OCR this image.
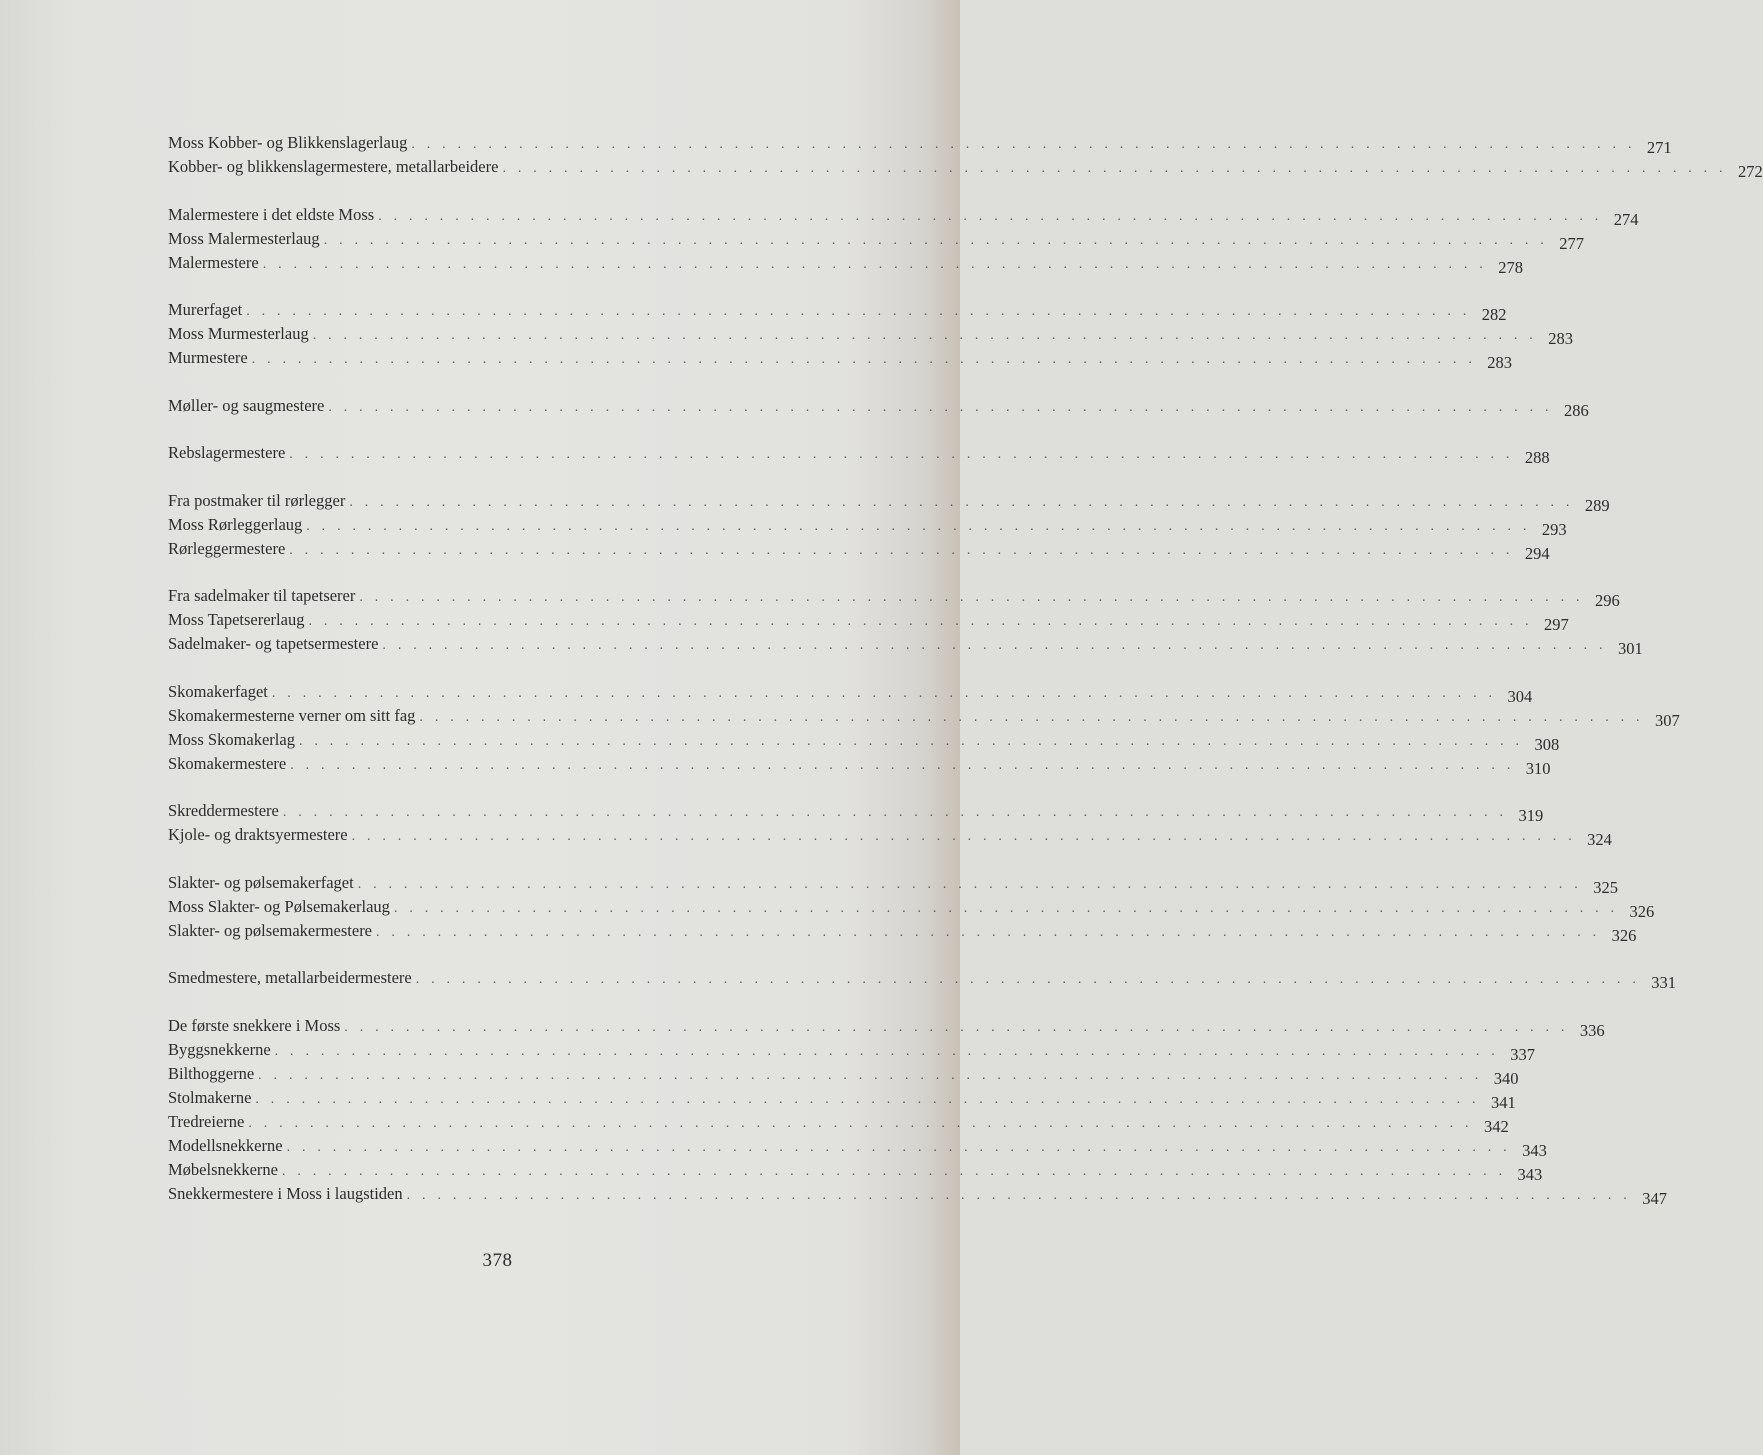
Moss Kobber- og Blikkenslagerlaug . . . . . . . . . . . . . . . . . . . . . . . . . . . . . . . . . . . . . . . . . . . . . . . . . . . . . . . . . . . . . . . . . . . . . . . . . . . . . . . . 271
Kobber- og blikkenslagermestere, metallarbeidere . . . . . . . . . . . . . . . . . . . . . . . . . . . . . . . . . . . . . . . . . . . . . . . . . . . . . . . . . . . . . . . . . . . . . . . . . . . . . . . . 272
Malermestere i det eldste Moss . . . . . . . . . . . . . . . . . . . . . . . . . . . . . . . . . . . . . . . . . . . . . . . . . . . . . . . . . . . . . . . . . . . . . . . . . . . . . . . . 274
Moss Malermesterlaug . . . . . . . . . . . . . . . . . . . . . . . . . . . . . . . . . . . . . . . . . . . . . . . . . . . . . . . . . . . . . . . . . . . . . . . . . . . . . . . . 277
Malermestere . . . . . . . . . . . . . . . . . . . . . . . . . . . . . . . . . . . . . . . . . . . . . . . . . . . . . . . . . . . . . . . . . . . . . . . . . . . . . . . . 278
Murerfaget . . . . . . . . . . . . . . . . . . . . . . . . . . . . . . . . . . . . . . . . . . . . . . . . . . . . . . . . . . . . . . . . . . . . . . . . . . . . . . . . 282
Moss Murmesterlaug . . . . . . . . . . . . . . . . . . . . . . . . . . . . . . . . . . . . . . . . . . . . . . . . . . . . . . . . . . . . . . . . . . . . . . . . . . . . . . . . 283
Murmestere . . . . . . . . . . . . . . . . . . . . . . . . . . . . . . . . . . . . . . . . . . . . . . . . . . . . . . . . . . . . . . . . . . . . . . . . . . . . . . . . 283
Møller- og saugmestere . . . . . . . . . . . . . . . . . . . . . . . . . . . . . . . . . . . . . . . . . . . . . . . . . . . . . . . . . . . . . . . . . . . . . . . . . . . . . . . . 286
Rebslagermestere . . . . . . . . . . . . . . . . . . . . . . . . . . . . . . . . . . . . . . . . . . . . . . . . . . . . . . . . . . . . . . . . . . . . . . . . . . . . . . . . 288
Fra postmaker til rørlegger . . . . . . . . . . . . . . . . . . . . . . . . . . . . . . . . . . . . . . . . . . . . . . . . . . . . . . . . . . . . . . . . . . . . . . . . . . . . . . . . 289
Moss Rørleggerlaug . . . . . . . . . . . . . . . . . . . . . . . . . . . . . . . . . . . . . . . . . . . . . . . . . . . . . . . . . . . . . . . . . . . . . . . . . . . . . . . . 293
Rørleggermestere . . . . . . . . . . . . . . . . . . . . . . . . . . . . . . . . . . . . . . . . . . . . . . . . . . . . . . . . . . . . . . . . . . . . . . . . . . . . . . . . 294
Fra sadelmaker til tapetserer . . . . . . . . . . . . . . . . . . . . . . . . . . . . . . . . . . . . . . . . . . . . . . . . . . . . . . . . . . . . . . . . . . . . . . . . . . . . . . . . 296
Moss Tapetsererlaug . . . . . . . . . . . . . . . . . . . . . . . . . . . . . . . . . . . . . . . . . . . . . . . . . . . . . . . . . . . . . . . . . . . . . . . . . . . . . . . . 297
Sadelmaker- og tapetsermestere . . . . . . . . . . . . . . . . . . . . . . . . . . . . . . . . . . . . . . . . . . . . . . . . . . . . . . . . . . . . . . . . . . . . . . . . . . . . . . . . 301
Skomakerfaget . . . . . . . . . . . . . . . . . . . . . . . . . . . . . . . . . . . . . . . . . . . . . . . . . . . . . . . . . . . . . . . . . . . . . . . . . . . . . . . . 304
Skomakermesterne verner om sitt fag . . . . . . . . . . . . . . . . . . . . . . . . . . . . . . . . . . . . . . . . . . . . . . . . . . . . . . . . . . . . . . . . . . . . . . . . . . . . . . . . 307
Moss Skomakerlag . . . . . . . . . . . . . . . . . . . . . . . . . . . . . . . . . . . . . . . . . . . . . . . . . . . . . . . . . . . . . . . . . . . . . . . . . . . . . . . . 308
Skomakermestere . . . . . . . . . . . . . . . . . . . . . . . . . . . . . . . . . . . . . . . . . . . . . . . . . . . . . . . . . . . . . . . . . . . . . . . . . . . . . . . . 310
Skreddermestere . . . . . . . . . . . . . . . . . . . . . . . . . . . . . . . . . . . . . . . . . . . . . . . . . . . . . . . . . . . . . . . . . . . . . . . . . . . . . . . . 319
Kjole- og draktsyermestere . . . . . . . . . . . . . . . . . . . . . . . . . . . . . . . . . . . . . . . . . . . . . . . . . . . . . . . . . . . . . . . . . . . . . . . . . . . . . . . . 324
Slakter- og pølsemakerfaget . . . . . . . . . . . . . . . . . . . . . . . . . . . . . . . . . . . . . . . . . . . . . . . . . . . . . . . . . . . . . . . . . . . . . . . . . . . . . . . . 325
Moss Slakter- og Pølsemakerlaug . . . . . . . . . . . . . . . . . . . . . . . . . . . . . . . . . . . . . . . . . . . . . . . . . . . . . . . . . . . . . . . . . . . . . . . . . . . . . . . . 326
Slakter- og pølsemakermestere . . . . . . . . . . . . . . . . . . . . . . . . . . . . . . . . . . . . . . . . . . . . . . . . . . . . . . . . . . . . . . . . . . . . . . . . . . . . . . . . 326
Smedmestere, metallarbeidermestere . . . . . . . . . . . . . . . . . . . . . . . . . . . . . . . . . . . . . . . . . . . . . . . . . . . . . . . . . . . . . . . . . . . . . . . . . . . . . . . . 331
De første snekkere i Moss . . . . . . . . . . . . . . . . . . . . . . . . . . . . . . . . . . . . . . . . . . . . . . . . . . . . . . . . . . . . . . . . . . . . . . . . . . . . . . . . 336
Byggsnekkerne . . . . . . . . . . . . . . . . . . . . . . . . . . . . . . . . . . . . . . . . . . . . . . . . . . . . . . . . . . . . . . . . . . . . . . . . . . . . . . . . 337
Bilthoggerne . . . . . . . . . . . . . . . . . . . . . . . . . . . . . . . . . . . . . . . . . . . . . . . . . . . . . . . . . . . . . . . . . . . . . . . . . . . . . . . . 340
Stolmakerne . . . . . . . . . . . . . . . . . . . . . . . . . . . . . . . . . . . . . . . . . . . . . . . . . . . . . . . . . . . . . . . . . . . . . . . . . . . . . . . . 341
Tredreierne . . . . . . . . . . . . . . . . . . . . . . . . . . . . . . . . . . . . . . . . . . . . . . . . . . . . . . . . . . . . . . . . . . . . . . . . . . . . . . . . 342
Modellsnekkerne . . . . . . . . . . . . . . . . . . . . . . . . . . . . . . . . . . . . . . . . . . . . . . . . . . . . . . . . . . . . . . . . . . . . . . . . . . . . . . . . 343
Møbelsnekkerne . . . . . . . . . . . . . . . . . . . . . . . . . . . . . . . . . . . . . . . . . . . . . . . . . . . . . . . . . . . . . . . . . . . . . . . . . . . . . . . . 343
Snekkermestere i Moss i laugstiden . . . . . . . . . . . . . . . . . . . . . . . . . . . . . . . . . . . . . . . . . . . . . . . . . . . . . . . . . . . . . . . . . . . . . . . . . . . . . . . . 347
378
